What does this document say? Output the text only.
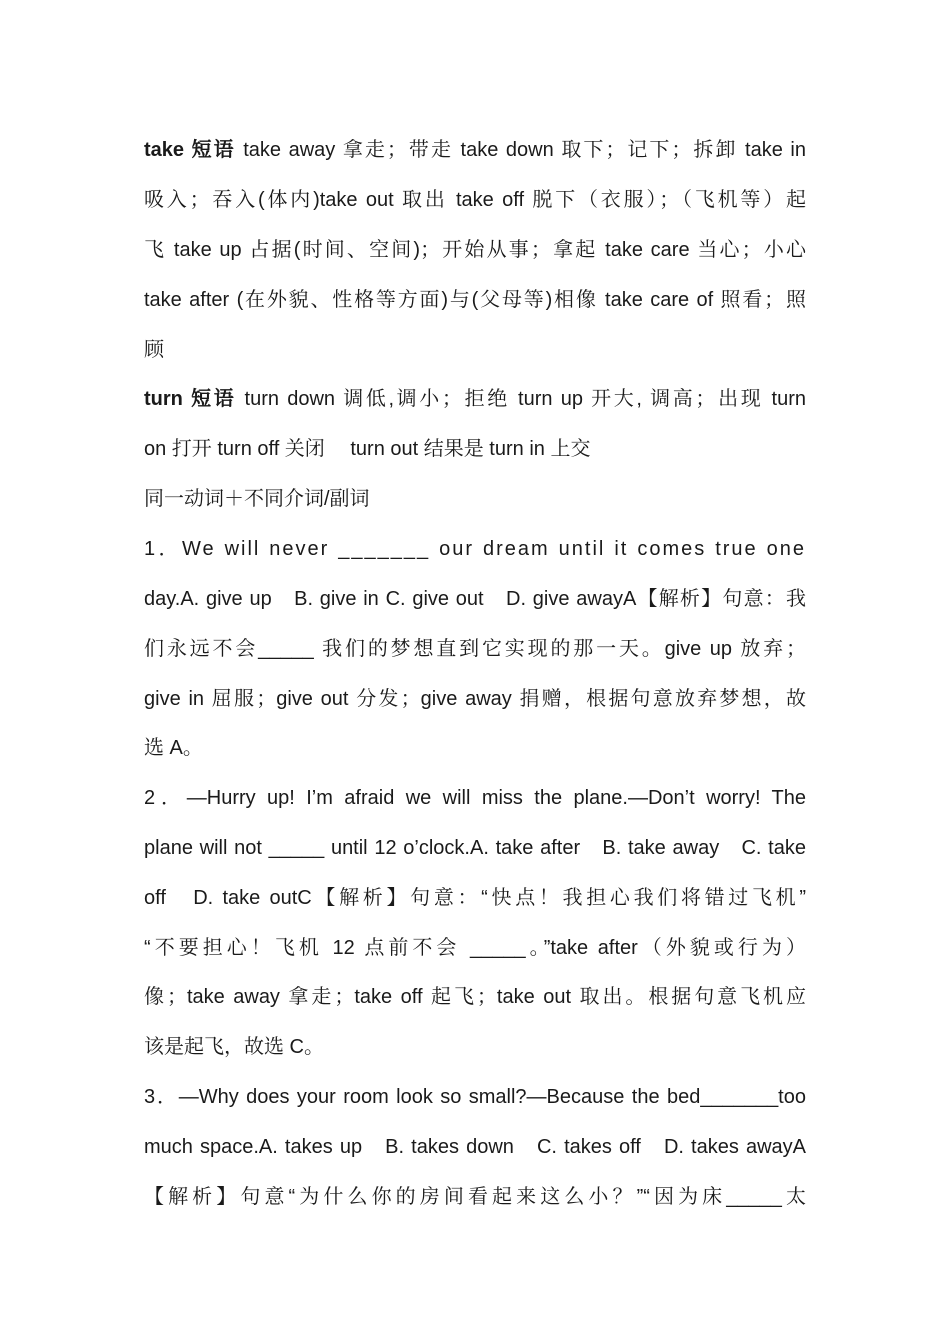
take 短语 take away 拿走；带走 take down 取下；记下；拆卸 take in
吸入；吞入(体内)take out 取出 take off 脱下（衣服）；（飞机等）起
飞 take up 占据(时间、空间)；开始从事；拿起 take care 当心；小心
take after (在外貌、性格等方面)与(父母等)相像 take care of 照看；照
顾
turn 短语 turn down 调低,调小；拒绝 turn up 开大, 调高；出现 turn
on 打开 turn off 关闭　 turn out 结果是 turn in 上交
同一动词＋不同介词/副词
1．We will never _______ our dream until it comes true one
day.A. give up　B. give in C. give out　D. give awayA【解析】句意：我
们永远不会_____ 我们的梦想直到它实现的那一天。give up 放弃；
give in 屈服；give out 分发；give away 捐赠，根据句意放弃梦想，故
选 A。
2．—Hurry up! I’m afraid we will miss the plane.—Don’t worry! The
plane will not _____ until 12 o’clock.A. take after　B. take away　C. take
off　D. take outC【解析】句意：“快点！我担心我们将错过飞机”
“不要担心！飞机 12 点前不会 _____。”take after（外貌或行为）
像；take away 拿走；take off 起飞；take out 取出。根据句意飞机应
该是起飞，故选 C。
3．—Why does your room look so small?—Because the bed_______too
much space.A. takes up　B. takes down　C. takes off　D. takes awayA
【解析】句意“为什么你的房间看起来这么小？”“因为床_____太
